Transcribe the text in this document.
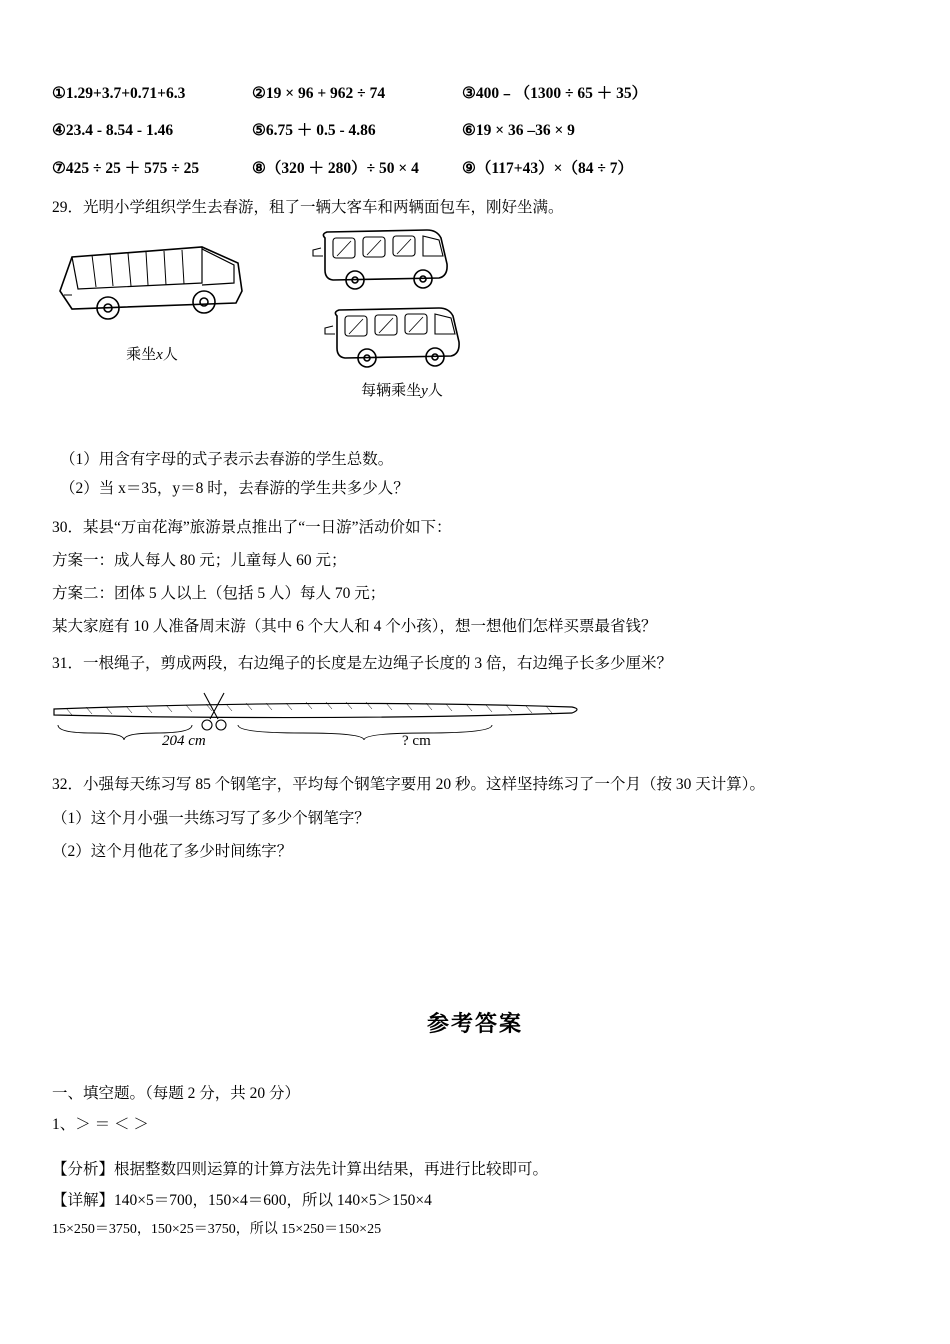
①1.29+3.7+0.71+6.3	②19 × 96 + 962 ÷ 74	③400﹣（1300 ÷ 65 ＋ 35）
④23.4 - 8.54 - 1.46	⑤6.75 ＋ 0.5 - 4.86	⑥19 × 36 –36 × 9
⑦425 ÷ 25 ＋ 575 ÷ 25	⑧（320 ＋ 280）÷ 50 × 4	⑨（117+43）×（84 ÷ 7）
29．光明小学组织学生去春游，租了一辆大客车和两辆面包车，刚好坐满。
乘坐x人
每辆乘坐y人
（1）用含有字母的式子表示去春游的学生总数。
（2）当 x＝35，y＝8 时，去春游的学生共多少人？
30．某县“万亩花海”旅游景点推出了“一日游”活动价如下：
方案一：成人每人 80 元；儿童每人 60 元；
方案二：团体 5 人以上（包括 5 人）每人 70 元；
某大家庭有 10 人准备周末游（其中 6 个大人和 4 个小孩），想一想他们怎样买票最省钱？
31．一根绳子，剪成两段，右边绳子的长度是左边绳子长度的 3 倍，右边绳子长多少厘米？
204 cm	? cm
32．小强每天练习写 85 个钢笔字，平均每个钢笔字要用 20 秒。这样坚持练习了一个月（按 30 天计算）。
（1）这个月小强一共练习写了多少个钢笔字？
（2）这个月他花了多少时间练字？
参考答案
一、填空题。（每题 2 分，共 20 分）
1、＞ ＝ ＜ ＞
【分析】根据整数四则运算的计算方法先计算出结果，再进行比较即可。
【详解】140×5＝700，150×4＝600，所以 140×5＞150×4
15×250＝3750，150×25＝3750，所以 15×250＝150×25
